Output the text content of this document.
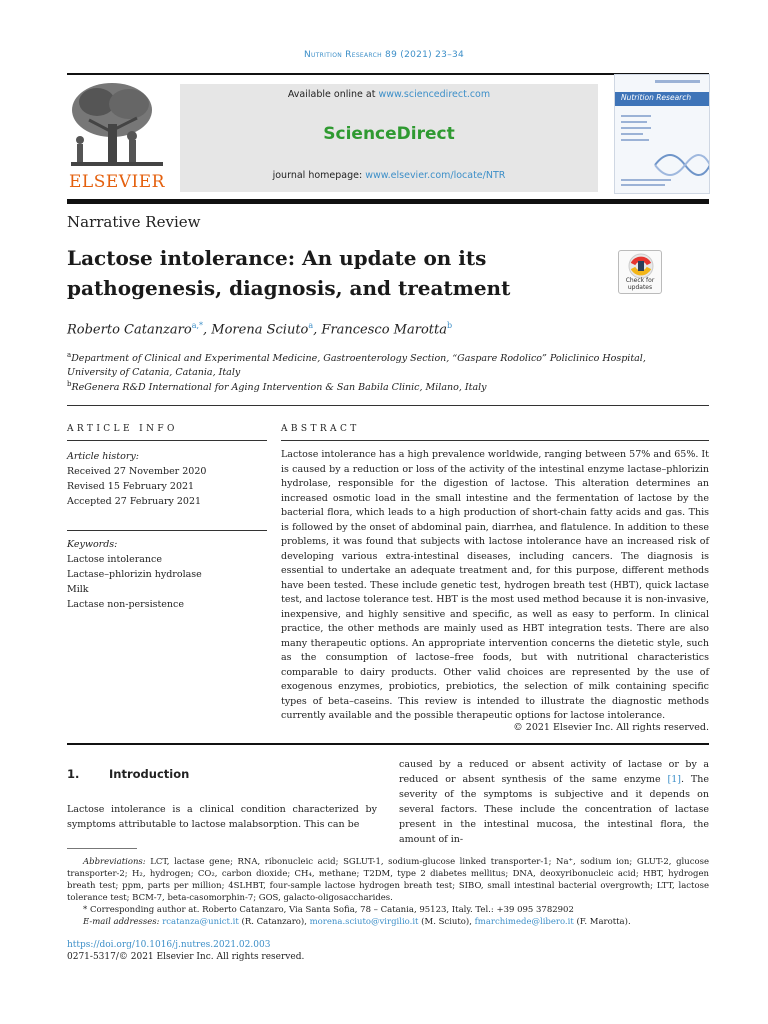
Nutrition Research 89 (2021) 23–34
ELSEVIER
Available online at www.sciencedirect.com
ScienceDirect
journal homepage: www.elsevier.com/locate/NTR
Nutrition Research
Narrative Review
Lactose intolerance: An update on its pathogenesis, diagnosis, and treatment	Check for updates
Roberto Catanzaro$^{a,*}$, Morena Sciuto$^a$, Francesco Marotta$^b$
$^a$Department of Clinical and Experimental Medicine, Gastroenterology Section, “Gaspare Rodolico” Policlinico Hospital, University of Catania, Catania, Italy
$^b$ReGenera R&D International for Aging Intervention & San Babila Clinic, Milano, Italy
ARTICLE INFO
Article history:
Received 27 November 2020
Revised 15 February 2021
Accepted 27 February 2021
Keywords:
Lactose intolerance
Lactase–phlorizin hydrolase
Milk
Lactase non-persistence
ABSTRACT
Lactose intolerance has a high prevalence worldwide, ranging between 57% and 65%. It is caused by a reduction or loss of the activity of the intestinal enzyme lactase–phlorizin hydrolase, responsible for the digestion of lactose. This alteration determines an increased osmotic load in the small intestine and the fermentation of lactose by the bacterial flora, which leads to a high production of short-chain fatty acids and gas. This is followed by the onset of abdominal pain, diarrhea, and flatulence. In addition to these problems, it was found that subjects with lactose intolerance have an increased risk of developing various extra-intestinal diseases, including cancers. The diagnosis is essential to undertake an adequate treatment and, for this purpose, different methods have been tested. These include genetic test, hydrogen breath test (HBT), quick lactase test, and lactose tolerance test. HBT is the most used method because it is non-invasive, inexpensive, and highly sensitive and specific, as well as easy to perform. In clinical practice, the other methods are mainly used as HBT integration tests. There are also many therapeutic options. An appropriate intervention concerns the dietetic style, such as the consumption of lactose–free foods, but with nutritional characteristics comparable to dairy products. Other valid choices are represented by the use of exogenous enzymes, probiotics, prebiotics, the selection of milk containing specific types of beta–caseins. This review is intended to illustrate the diagnostic methods currently available and the possible therapeutic options for lactose intolerance.
© 2021 Elsevier Inc. All rights reserved.
1.	Introduction
Lactose intolerance is a clinical condition characterized by symptoms attributable to lactose malabsorption. This can be
caused by a reduced or absent activity of lactase or by a reduced or absent synthesis of the same enzyme [1]. The severity of the symptoms is subjective and it depends on several factors. These include the concentration of lactase present in the intestinal mucosa, the intestinal flora, the amount of in-

Abbreviations: LCT, lactase gene; RNA, ribonucleic acid; SGLUT-1, sodium-glucose linked transporter-1; Na⁺, sodium ion; GLUT-2, glucose transporter-2; H₂, hydrogen; CO₂, carbon dioxide; CH₄, methane; T2DM, type 2 diabetes mellitus; DNA, deoxyribonucleic acid; HBT, hydrogen breath test; ppm, parts per million; 4SLHBT, four-sample lactose hydrogen breath test; SIBO, small intestinal bacterial overgrowth; LTT, lactose tolerance test; BCM-7, beta-casomorphin-7; GOS, galacto-oligosaccharides.

* Corresponding author at. Roberto Catanzaro, Via Santa Sofia, 78 – Catania, 95123, Italy. Tel.: +39 095 3782902

E-mail addresses: rcatanza@unict.it (R. Catanzaro), morena.sciuto@virgilio.it (M. Sciuto), fmarchimede@libero.it (F. Marotta).

https://doi.org/10.1016/j.nutres.2021.02.003
0271-5317/© 2021 Elsevier Inc. All rights reserved.
